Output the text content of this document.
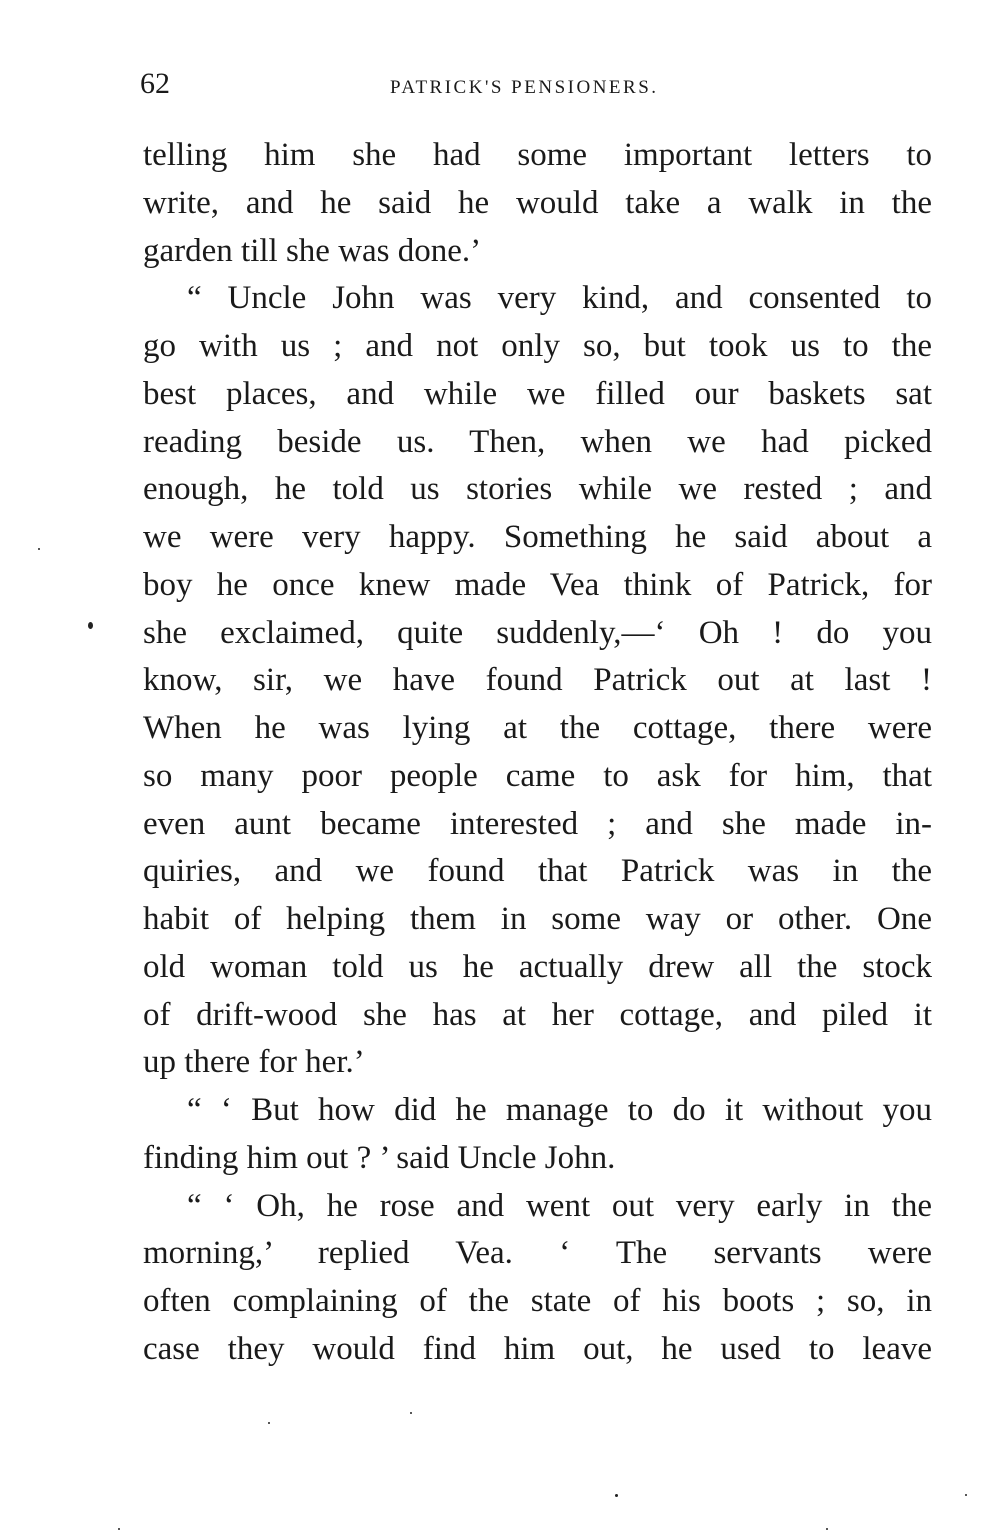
62	PATRICK'S PENSIONERS.
telling him she had some important letters to
write, and he said he would take a walk in the
garden till she was done.’
“ Uncle John was very kind, and consented to
go with us ; and not only so, but took us to the
best places, and while we filled our baskets sat
reading beside us. Then, when we had picked
enough, he told us stories while we rested ; and
we were very happy. Something he said about a
boy he once knew made Vea think of Patrick, for
she exclaimed, quite suddenly,—‘ Oh ! do you
know, sir, we have found Patrick out at last !
When he was lying at the cottage, there were
so many poor people came to ask for him, that
even aunt became interested ; and she made in-
quiries, and we found that Patrick was in the
habit of helping them in some way or other. One
old woman told us he actually drew all the stock
of drift-wood she has at her cottage, and piled it
up there for her.’
“ ‘ But how did he manage to do it without you
finding him out ? ’ said Uncle John.
“ ‘ Oh, he rose and went out very early in the
morning,’ replied Vea. ‘ The servants were
often complaining of the state of his boots ; so, in
case they would find him out, he used to leave
